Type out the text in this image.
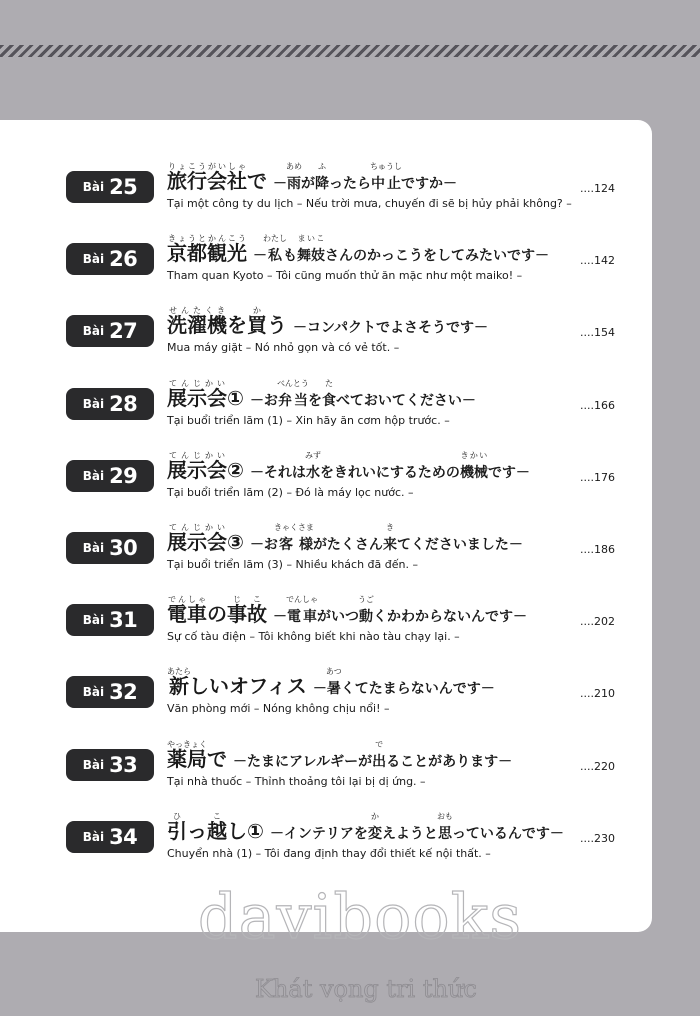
Bài 25 旅行りょこう会社がいしゃで －雨あめが降ふったら中止ちゅうしですか－
Tại một công ty du lịch – Nếu trời mưa, chuyến đi sẽ bị hủy phải không? –
....124
Bài 26 京都きょうと観光かんこう－私わたしも舞妓まいこさんのかっこうをしてみたいです－
Tham quan Kyoto – Tôi cũng muốn thử ăn mặc như một maiko! –
....142
Bài 27 洗濯機せんたくきを買かう －コンパクトでよさそうです－
Mua máy giặt – Nó nhỏ gọn và có vẻ tốt. –
....154
Bài 28 展示会てんじかい① －お弁当べんとうを食たべておいてください－
Tại buổi triển lãm (1) – Xin hãy ăn cơm hộp trước. –
....166
Bài 29 展示会てんじかい② －それは水みずをきれいにするための機械きかいです－
Tại buổi triển lãm (2) – Đó là máy lọc nước. –
....176
Bài 30 展示会てんじかい③ －お客きゃく様さまがたくさん来きてくださいました－
Tại buổi triển lãm (3) – Nhiều khách đã đến. –
....186
Bài 31 電車でんしゃの事故じこ－電車でんしゃがいつ動うごくかわからないんです－
Sự cố tàu điện – Tôi không biết khi nào tàu chạy lại. –
....202
Bài 32 新あたらしいオフィス －暑あつくてたまらないんです－
Văn phòng mới – Nóng không chịu nổi! –
....210
Bài 33 薬局やっきょくで －たまにアレルギーが出でることがあります－
Tại nhà thuốc – Thỉnh thoảng tôi lại bị dị ứng. –
....220
Bài 34 引ひっ越こし① －インテリアを変かえようと思おもっているんです－
Chuyển nhà (1) – Tôi đang định thay đổi thiết kế nội thất. –
....230
davibooks
Khát vọng tri thức
